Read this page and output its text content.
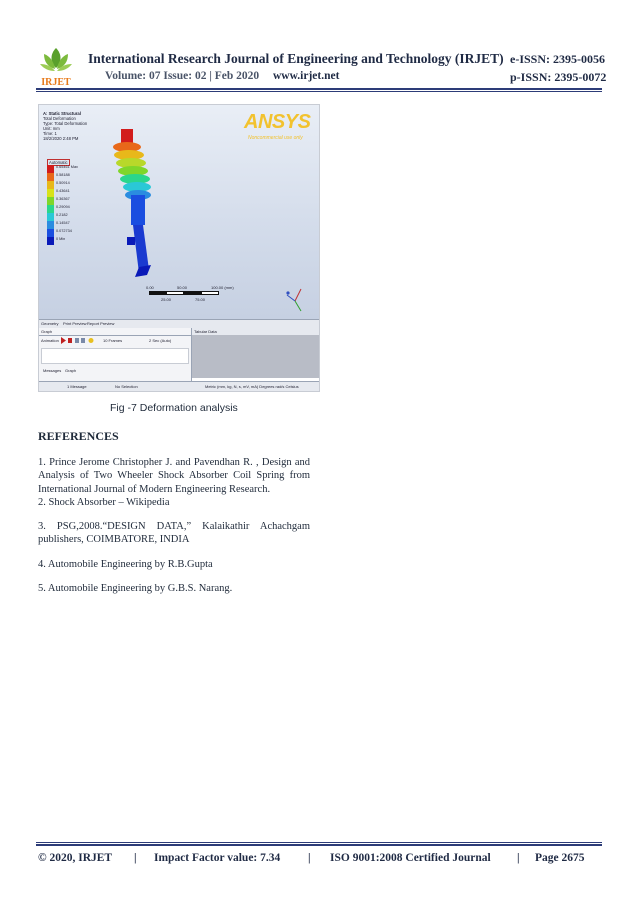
IRJET
International Research Journal of Engineering and Technology (IRJET) e-ISSN: 2395-0056
Volume: 07 Issue: 02 | Feb 2020 www.irjet.net	p-ISSN: 2395-0072
A: Static Structural
Total Deformation
Type: Total Deformation
Unit: mm
Time: 1
18/2/2020 2:48 PM
Automatic
0.65461 Max
0.58188
0.50914
0.43641
0.36367
0.29094
0.2182
0.14547
0.072734
0 Min
ANSYS
Noncommercial use only
0.00	50.00	100.00 (mm)
25.00	75.00
Geometry Print Preview Report Preview
Graph
Animation	10 Frames	2 Sec (Auto)
Messages Graph
Tabular Data
1 Message	No Selection	Metric (mm, kg, N, s, mV, mA) Degrees rad/s Celsius
Fig -7 Deformation analysis
REFERENCES
1. Prince Jerome Christopher J. and Pavendhan R. , Design and Analysis of Two Wheeler Shock Absorber Coil Spring from International Journal of Modern Engineering Research.
2. Shock Absorber – Wikipedia
3. PSG,2008.“DESIGN DATA,” Kalaikathir Achachgam publishers, COIMBATORE, INDIA
4. Automobile Engineering by R.B.Gupta
5. Automobile Engineering by G.B.S. Narang.
© 2020, IRJET | Impact Factor value: 7.34 | ISO 9001:2008 Certified Journal | Page 2675
